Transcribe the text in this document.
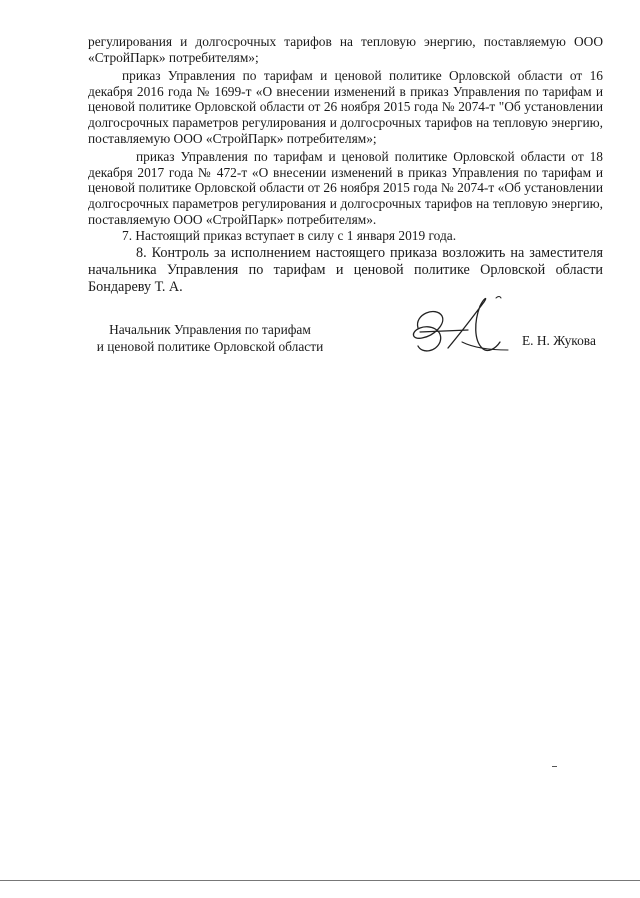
регулирования и долгосрочных тарифов на тепловую энергию, поставляемую ООО «СтройПарк» потребителям»;

приказ Управления по тарифам и ценовой политике Орловской области от 16 декабря 2016 года № 1699-т «О внесении изменений в приказ Управления по тарифам и ценовой политике Орловской области от 26 ноября 2015 года № 2074-т "Об установлении долгосрочных параметров регулирования и долгосрочных тарифов на тепловую энергию, поставляемую ООО «СтройПарк» потребителям»;

приказ Управления по тарифам и ценовой политике Орловской области от 18 декабря 2017 года № 472-т «О внесении изменений в приказ Управления по тарифам и ценовой политике Орловской области от 26 ноября 2015 года № 2074-т «Об установлении долгосрочных параметров регулирования и долгосрочных тарифов на тепловую энергию, поставляемую ООО «СтройПарк» потребителям».

7. Настоящий приказ вступает в силу с 1 января 2019 года.

8. Контроль за исполнением настоящего приказа возложить на заместителя начальника Управления по тарифам и ценовой политике Орловской области Бондареву Т. А.

Начальник Управления по тарифам
и ценовой политике Орловской области	Е. Н. Жукова
